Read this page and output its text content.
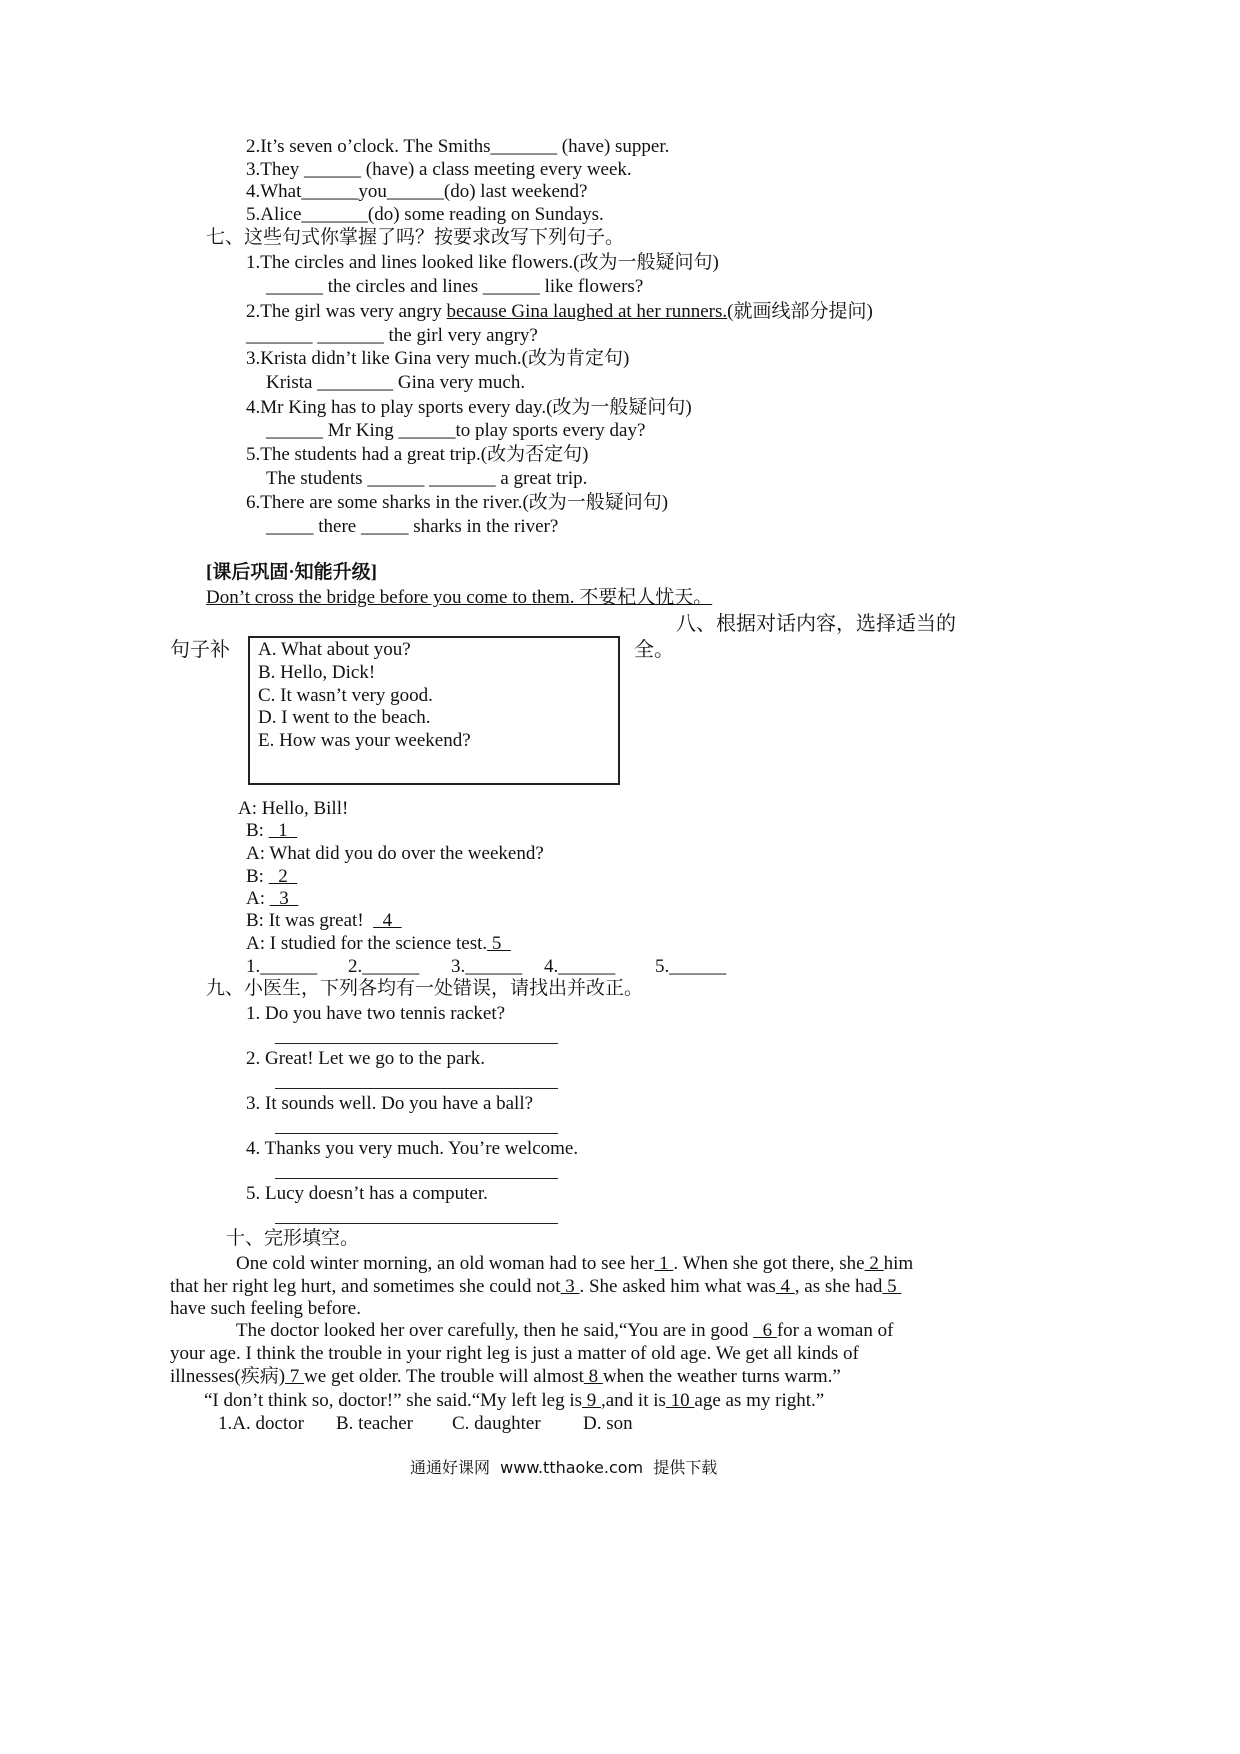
2.It’s seven o’clock. The Smiths_______ (have) supper.
3.They ______ (have) a class meeting every week.
4.What______you______(do) last weekend?
5.Alice_______(do) some reading on Sundays.
七、这些句式你掌握了吗？按要求改写下列句子。
1.The circles and lines looked like flowers.(改为一般疑问句)
______ the circles and lines ______ like flowers?
2.The girl was very angry because Gina laughed at her runners.(就画线部分提问)
_______ _______ the girl very angry?
3.Krista didn’t like Gina very much.(改为肯定句)
Krista ________ Gina very much.
4.Mr King has to play sports every day.(改为一般疑问句)
______ Mr King ______to play sports every day?
5.The students had a great trip.(改为否定句)
The students ______ _______ a great trip.
6.There are some sharks in the river.(改为一般疑问句)
_____ there _____ sharks in the river?
[课后巩固·知能升级]
Don’t cross the bridge before you come to them. 不要杞人忧天。
八、根据对话内容，选择适当的
句子补	全。
A. What about you?
B. Hello, Dick!
C. It wasn’t very good.
D. I went to the beach.
E. How was your weekend?
A: Hello, Bill!
B:   1
A: What did you do over the weekend?
B:   2
A:   3
B: It was great!    4
A: I studied for the science test. 5
1.______ 2.______ 3.______ 4.______ 5.______
九、小医生，下列各均有一处错误，请找出并改正。
1. Do you have two tennis racket?
2. Great! Let we go to the park.
3. It sounds well. Do you have a ball?
4. Thanks you very much. You’re welcome.
5. Lucy doesn’t has a computer.
十、完形填空。
One cold winter morning, an old woman had to see her 1 . When she got there, she 2 him
that her right leg hurt, and sometimes she could not 3 . She asked him what was 4 , as she had 5
have such feeling before.
The doctor looked her over carefully, then he said,“You are in good   6 for a woman of
your age. I think the trouble in your right leg is just a matter of old age. We get all kinds of
illnesses(疾病) 7 we get older. The trouble will almost 8 when the weather turns warm.”
“I don’t think so, doctor!” she said.“My left leg is 9 ,and it is 10 age as my right.”
1.A. doctor B. teacher C. daughter D. son
通通好课网  www.tthaoke.com  提供下载
